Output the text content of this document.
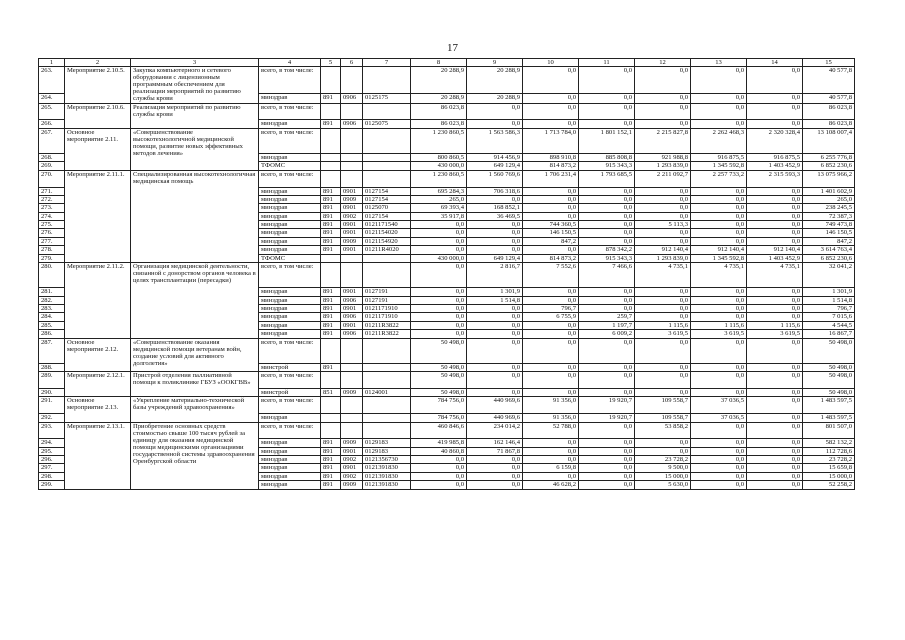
17
1	2	3	4	5	6	7	8	9	10	11	12	13	14	15
263.	Мероприятие 2.10.5.	Закупка компьютерного и сетевого оборудования с лицензионным программным обеспечением для реализации мероприятий по развитию службы крови	всего, в том числе:				20 288,9	20 288,9	0,0	0,0	0,0	0,0	0,0	40 577,8
264.			минздрав	891	0906	0125175	20 288,9	20 288,9	0,0	0,0	0,0	0,0	0,0	40 577,8
265.	Мероприятие 2.10.6.	Реализация мероприятий по развитию службы крови	всего, в том числе:				86 023,8	0,0	0,0	0,0	0,0	0,0	0,0	86 023,8
266.			минздрав	891	0906	0125075	86 023,8	0,0	0,0	0,0	0,0	0,0	0,0	86 023,8
267.	Основное мероприятие 2.11.	«Совершенствование высокотехнологичной медицинской помощи, развитие новых эффективных методов лечения»	всего, в том числе:				1 230 860,5	1 563 586,3	1 713 784,0	1 801 152,1	2 215 827,8	2 262 468,3	2 320 328,4	13 108 007,4
268.			минздрав				800 860,5	914 456,9	898 910,8	885 808,8	921 988,8	916 875,5	916 875,5	6 255 776,8
269.			ТФОМС				430 000,0	649 129,4	814 873,2	915 343,3	1 293 839,0	1 345 592,8	1 403 452,9	6 852 230,6
270.	Мероприятие 2.11.1.	Специализированная высокотехнологичная медицинская помощь	всего, в том числе:				1 230 860,5	1 560 769,6	1 706 231,4	1 793 685,5	2 211 092,7	2 257 733,2	2 315 593,3	13 075 966,2
271.			минздрав	891	0901	0127154	695 284,3	706 318,6	0,0	0,0	0,0	0,0	0,0	1 401 602,9
272.			минздрав	891	0909	0127154	265,0	0,0	0,0	0,0	0,0	0,0	0,0	265,0
273.			минздрав	891	0901	0125070	69 393,4	168 852,1	0,0	0,0	0,0	0,0	0,0	238 245,5
274.			минздрав	891	0902	0127154	35 917,8	36 469,5	0,0	0,0	0,0	0,0	0,0	72 387,3
275.			минздрав	891	0901	0121171540	0,0	0,0	744 360,5	0,0	5 113,3	0,0	0,0	749 473,8
276.			минздрав	891	0901	0121154020	0,0	0,0	146 150,5	0,0	0,0	0,0	0,0	146 150,5
277.			минздрав	891	0909	0121154920	0,0	0,0	847,2	0,0	0,0	0,0	0,0	847,2
278.			минздрав	891	0901	01211R4020	0,0	0,0	0,0	878 342,2	912 140,4	912 140,4	912 140,4	3 614 763,4
279.			ТФОМС				430 000,0	649 129,4	814 873,2	915 343,3	1 293 839,0	1 345 592,8	1 403 452,9	6 852 230,6
280.	Мероприятие 2.11.2.	Организация медицинской деятельности, связанной с донорством органов человека в целях трансплантации (пересадки)	всего, в том числе:				0,0	2 816,7	7 552,6	7 466,6	4 735,1	4 735,1	4 735,1	32 041,2
281.			минздрав	891	0901	0127191	0,0	1 301,9	0,0	0,0	0,0	0,0	0,0	1 301,9
282.			минздрав	891	0906	0127191	0,0	1 514,8	0,0	0,0	0,0	0,0	0,0	1 514,8
283.			минздрав	891	0901	0121171910	0,0	0,0	796,7	0,0	0,0	0,0	0,0	796,7
284.			минздрав	891	0906	0121171910	0,0	0,0	6 755,9	259,7	0,0	0,0	0,0	7 015,6
285.			минздрав	891	0901	01211R3822	0,0	0,0	0,0	1 197,7	1 115,6	1 115,6	1 115,6	4 544,5
286.			минздрав	891	0906	01211R3822	0,0	0,0	0,0	6 009,2	3 619,5	3 619,5	3 619,5	16 867,7
287.	Основное мероприятие 2.12.	«Совершенствование оказания медицинской помощи ветеранам войн, создание условий для активного долголетия»	всего, в том числе:				50 498,0	0,0	0,0	0,0	0,0	0,0	0,0	50 498,0
288.			минстрой	891			50 498,0	0,0	0,0	0,0	0,0	0,0	0,0	50 498,0
289.	Мероприятие 2.12.1.	Пристрой отделения паллиативной помощи к поликлинике ГБУЗ «ООКГВВ»	всего, в том числе:				50 498,0	0,0	0,0	0,0	0,0	0,0	0,0	50 498,0
290.			минстрой	851	0909	0124001	50 498,0	0,0	0,0	0,0	0,0	0,0	0,0	50 498,0
291.	Основное мероприятие 2.13.	«Укрепление материально-технической базы учреждений здравоохранения»	всего, в том числе:				784 756,0	440 969,6	91 356,0	19 920,7	109 558,7	37 036,5	0,0	1 483 597,5
292.			минздрав				784 756,0	440 969,6	91 356,0	19 920,7	109 558,7	37 036,5	0,0	1 483 597,5
293.	Мероприятие 2.13.1.	Приобретение основных средств стоимостью свыше 100 тысяч рублей за единицу для оказания медицинской помощи медицинскими организациями государственной системы здравоохранения Оренбургской области	всего, в том числе:				460 846,6	234 014,2	52 788,0	0,0	53 858,2	0,0	0,0	801 507,0
294.			минздрав	891	0909	0129183	419 985,8	162 146,4	0,0	0,0	0,0	0,0	0,0	582 132,2
295.			минздрав	891	0901	0129183	40 860,8	71 867,8	0,0	0,0	0,0	0,0	0,0	112 728,6
296.			минздрав	891	0902	0121356730	0,0	0,0	0,0	0,0	23 728,2	0,0	0,0	23 728,2
297.			минздрав	891	0901	0121391830	0,0	0,0	6 159,8	0,0	9 500,0	0,0	0,0	15 659,8
298.			минздрав	891	0902	0121391830	0,0	0,0	0,0	0,0	15 000,0	0,0	0,0	15 000,0
299.			минздрав	891	0909	0121391830	0,0	0,0	46 628,2	0,0	5 630,0	0,0	0,0	52 258,2
